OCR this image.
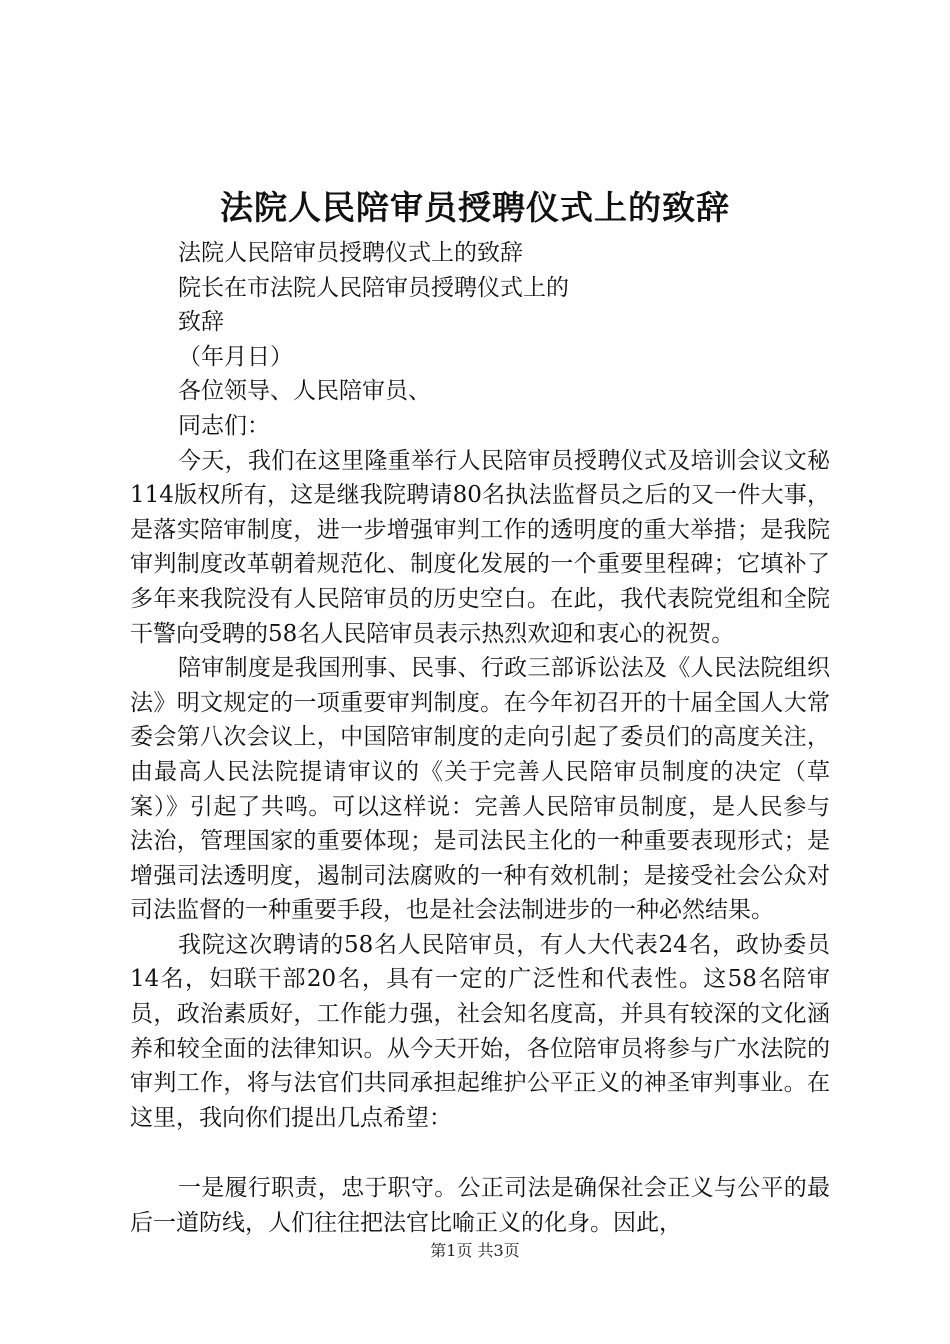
法院人民陪审员授聘仪式上的致辞

法院人民陪审员授聘仪式上的致辞

院长在市法院人民陪审员授聘仪式上的

致辞

（年月日）

各位领导、人民陪审员、

同志们：

今天，我们在这里隆重举行人民陪审员授聘仪式及培训会议文秘114版权所有，这是继我院聘请80名执法监督员之后的又一件大事，是落实陪审制度，进一步增强审判工作的透明度的重大举措；是我院审判制度改革朝着规范化、制度化发展的一个重要里程碑；它填补了多年来我院没有人民陪审员的历史空白。在此，我代表院党组和全院干警向受聘的58名人民陪审员表示热烈欢迎和衷心的祝贺。

陪审制度是我国刑事、民事、行政三部诉讼法及《人民法院组织法》明文规定的一项重要审判制度。在今年初召开的十届全国人大常委会第八次会议上，中国陪审制度的走向引起了委员们的高度关注，由最高人民法院提请审议的《关于完善人民陪审员制度的决定（草案）》引起了共鸣。可以这样说：完善人民陪审员制度，是人民参与法治，管理国家的重要体现；是司法民主化的一种重要表现形式；是增强司法透明度，遏制司法腐败的一种有效机制；是接受社会公众对司法监督的一种重要手段，也是社会法制进步的一种必然结果。

我院这次聘请的58名人民陪审员，有人大代表24名，政协委员14名，妇联干部20名，具有一定的广泛性和代表性。这58名陪审员，政治素质好，工作能力强，社会知名度高，并具有较深的文化涵养和较全面的法律知识。从今天开始，各位陪审员将参与广水法院的审判工作，将与法官们共同承担起维护公平正义的神圣审判事业。在这里，我向你们提出几点希望：

一是履行职责，忠于职守。公正司法是确保社会正义与公平的最后一道防线，人们往往把法官比喻正义的化身。因此，

第1页 共3页
